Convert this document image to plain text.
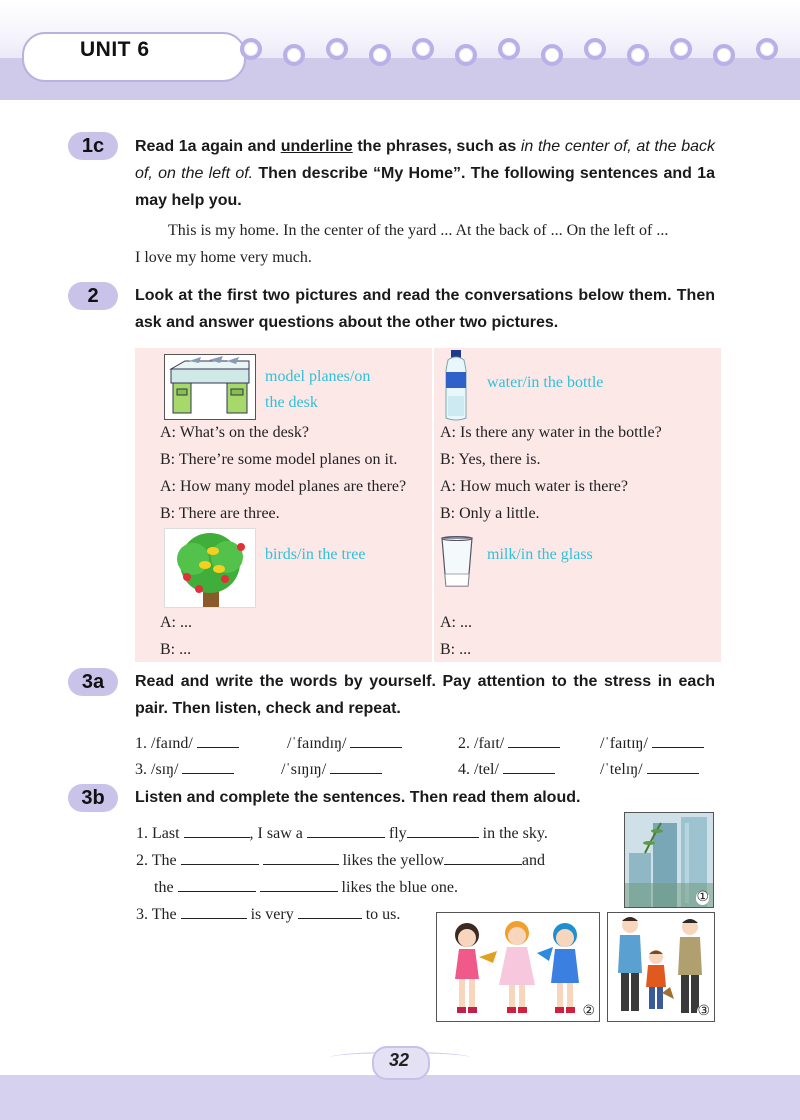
UNIT 6
1c	Read 1a again and underline the phrases, such as in the center of, at the back of, on the left of. Then describe “My Home”. The following sentences and 1a may help you.
This is my home. In the center of the yard ... At the back of ... On the left of ...
I love my home very much.
2	Look at the first two pictures and read the conversations below them. Then ask and answer questions about the other two pictures.
model planes/on
the desk
water/in the bottle
A: What’s on the desk?
B: There’re some model planes on it.
A: How many model planes are there?
B: There are three.
A: Is there any water in the bottle?
B: Yes, there is.
A: How much water is there?
B: Only a little.
birds/in the tree	milk/in the glass
A: ...
B: ...
A: ...
B: ...
3a	Read and write the words by yourself. Pay attention to the stress in each pair. Then listen, check and repeat.
1. /faɪnd/	/ˈfaɪndɪŋ/	2. /faɪt/	/ˈfaɪtɪŋ/
3. /sɪŋ/	/ˈsɪŋɪŋ/	4. /tel/	/ˈtelɪŋ/
3b	Listen and complete the sentences. Then read them aloud.
1. Last	, I saw a	fly	in the sky.
2. The	likes the yellow	and
the	likes the blue one.
3. The	is very	to us.
①
②	③
32
